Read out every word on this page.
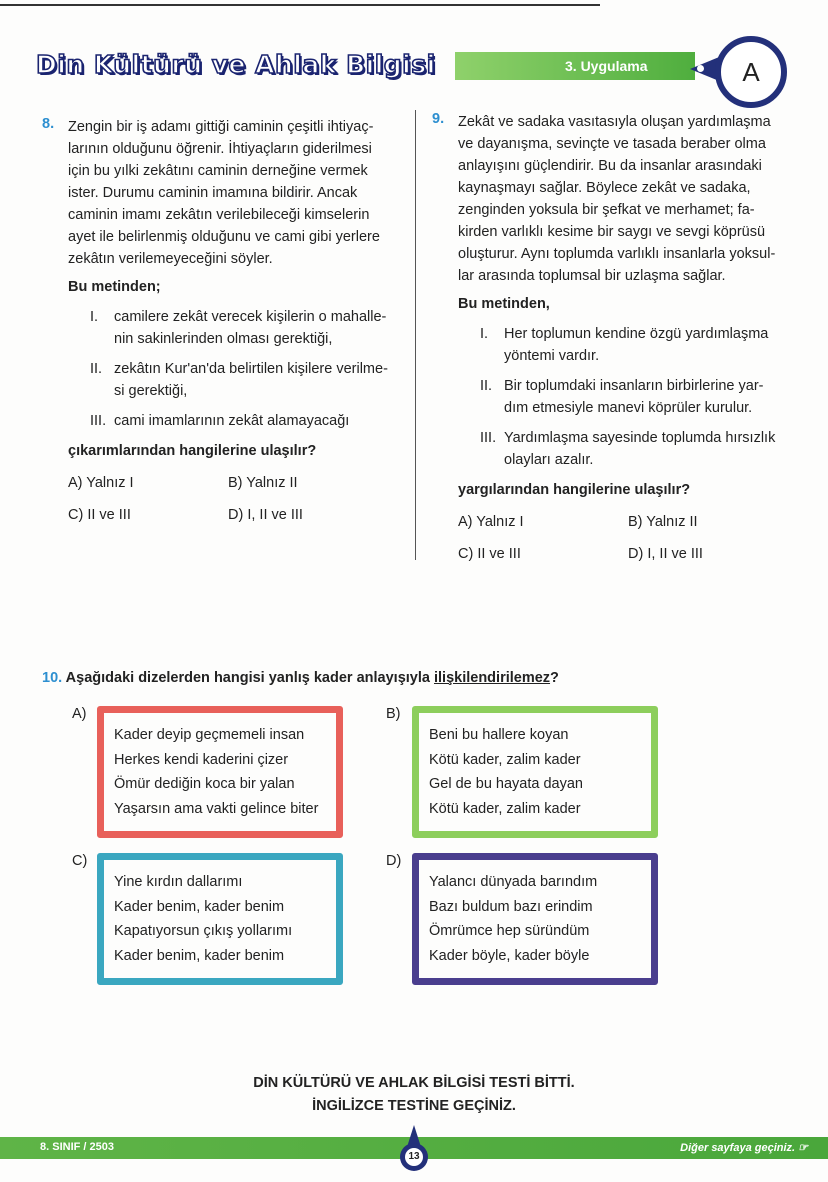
Din Kültürü ve Ahlak Bilgisi	3. Uygulama	A
8. Zengin bir iş adamı gittiği caminin çeşitli ihtiyaç-
larının olduğunu öğrenir. İhtiyaçların giderilmesi
için bu yılki zekâtını caminin derneğine vermek
ister. Durumu caminin imamına bildirir. Ancak
caminin imamı zekâtın verilebileceği kimselerin
ayet ile belirlenmiş olduğunu ve cami gibi yerlere
zekâtın verilemeyeceğini söyler.
Bu metinden;
I. camilere zekât verecek kişilerin o mahalle-
nin sakinlerinden olması gerektiği,
II. zekâtın Kur'an'da belirtilen kişilere verilme-
si gerektiği,
III. cami imamlarının zekât alamayacağı
çıkarımlarından hangilerine ulaşılır?
A) Yalnız I	B) Yalnız II
C) II ve III	D) I, II ve III
9. Zekât ve sadaka vasıtasıyla oluşan yardımlaşma
ve dayanışma, sevinçte ve tasada beraber olma
anlayışını güçlendirir. Bu da insanlar arasındaki
kaynaşmayı sağlar. Böylece zekât ve sadaka,
zenginden yoksula bir şefkat ve merhamet; fa-
kirden varlıklı kesime bir saygı ve sevgi köprüsü
oluşturur. Aynı toplumda varlıklı insanlarla yoksul-
lar arasında toplumsal bir uzlaşma sağlar.
Bu metinden,
I. Her toplumun kendine özgü yardımlaşma
yöntemi vardır.
II. Bir toplumdaki insanların birbirlerine yar-
dım etmesiyle manevi köprüler kurulur.
III. Yardımlaşma sayesinde toplumda hırsızlık
olayları azalır.
yargılarından hangilerine ulaşılır?
A) Yalnız I	B) Yalnız II
C) II ve III	D) I, II ve III
10. Aşağıdaki dizelerden hangisi yanlış kader anlayışıyla ilişkilendirilemez?
A)
Kader deyip geçmemeli insan
Herkes kendi kaderini çizer
Ömür dediğin koca bir yalan
Yaşarsın ama vakti gelince biter
B)
Beni bu hallere koyan
Kötü kader, zalim kader
Gel de bu hayata dayan
Kötü kader, zalim kader
C)
Yine kırdın dallarımı
Kader benim, kader benim
Kapatıyorsun çıkış yollarımı
Kader benim, kader benim
D)
Yalancı dünyada barındım
Bazı buldum bazı erindim
Ömrümce hep süründüm
Kader böyle, kader böyle
DİN KÜLTÜRÜ VE AHLAK BİLGİSİ TESTİ BİTTİ.
İNGİLİZCE TESTİNE GEÇİNİZ.
8. SINIF / 2503	Diğer sayfaya geçiniz. ☞
13
